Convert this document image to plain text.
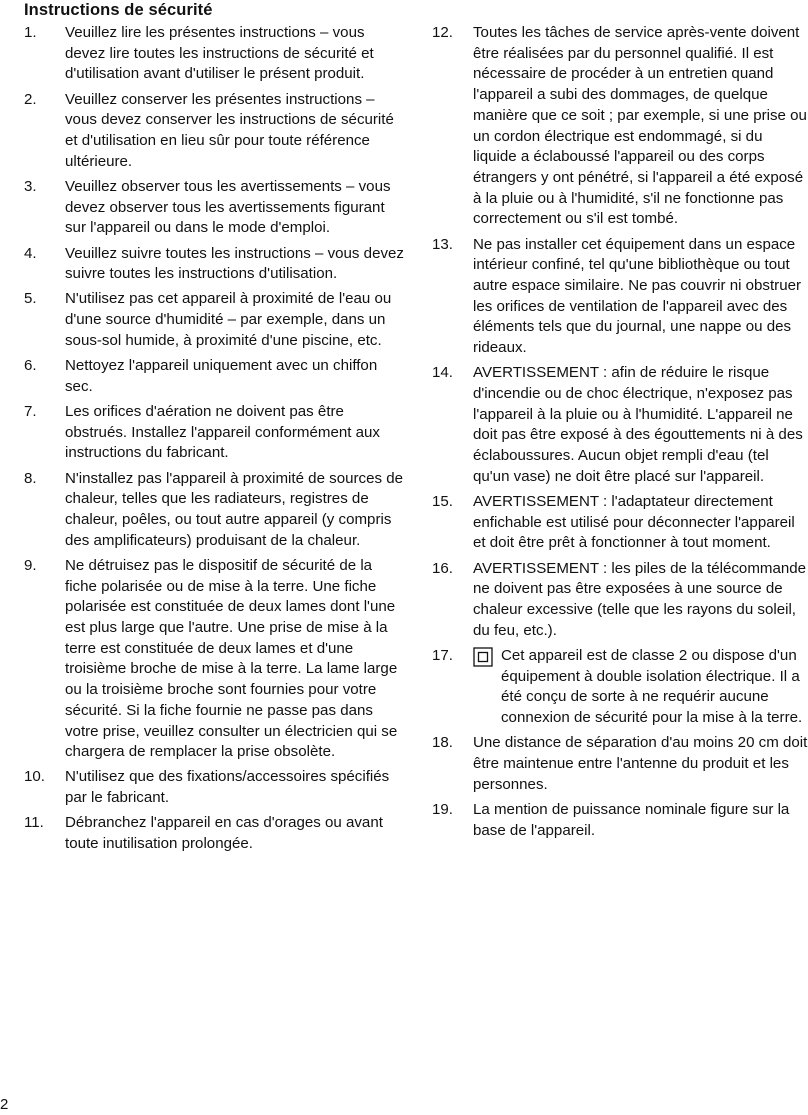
Instructions de sécurité
1.	Veuillez lire les présentes instructions – vous devez lire toutes les instructions de sécurité et d'utilisation avant d'utiliser le présent produit.
2.	Veuillez conserver les présentes instructions – vous devez conserver les instructions de sécurité et d'utilisation en lieu sûr pour toute référence ultérieure.
3.	Veuillez observer tous les avertissements – vous devez observer tous les avertissements figurant sur l'appareil ou dans le mode d'emploi.
4.	Veuillez suivre toutes les instructions – vous devez suivre toutes les instructions d'utilisation.
5.	N'utilisez pas cet appareil à proximité de l'eau ou d'une source d'humidité – par exemple, dans un sous-sol humide, à proximité d'une piscine, etc.
6.	Nettoyez l'appareil uniquement avec un chiffon sec.
7.	Les orifices d'aération ne doivent pas être obstrués. Installez l'appareil conformément aux instructions du fabricant.
8.	N'installez pas l'appareil à proximité de sources de chaleur, telles que les radiateurs, registres de chaleur, poêles, ou tout autre appareil (y compris des amplificateurs) produisant de la chaleur.
9.	Ne détruisez pas le dispositif de sécurité de la fiche polarisée ou de mise à la terre. Une fiche polarisée est constituée de deux lames dont l'une est plus large que l'autre. Une prise de mise à la terre est constituée de deux lames et d'une troisième broche de mise à la terre. La lame large ou la troisième broche sont fournies pour votre sécurité. Si la fiche fournie ne passe pas dans votre prise, veuillez consulter un électricien qui se chargera de remplacer la prise obsolète.
10.	N'utilisez que des fixations/accessoires spécifiés par le fabricant.
11.	Débranchez l'appareil en cas d'orages ou avant toute inutilisation prolongée.
12.	Toutes les tâches de service après-vente doivent être réalisées par du personnel qualifié. Il est nécessaire de procéder à un entretien quand l'appareil a subi des dommages, de quelque manière que ce soit ; par exemple, si une prise ou un cordon électrique est endommagé, si du liquide a éclaboussé l'appareil ou des corps étrangers y ont pénétré, si l'appareil a été exposé à la pluie ou à l'humidité, s'il ne fonctionne pas correctement ou s'il est tombé.
13.	Ne pas installer cet équipement dans un espace intérieur confiné, tel qu'une bibliothèque ou tout autre espace similaire. Ne pas couvrir ni obstruer les orifices de ventilation de l'appareil avec des éléments tels que du journal, une nappe ou des rideaux.
14.	AVERTISSEMENT : afin de réduire le risque d'incendie ou de choc électrique, n'exposez pas l'appareil à la pluie ou à l'humidité. L'appareil ne doit pas être exposé à des égouttements ni à des éclaboussures. Aucun objet rempli d'eau (tel qu'un vase) ne doit être placé sur l'appareil.
15.	AVERTISSEMENT : l'adaptateur directement enfichable est utilisé pour déconnecter l'appareil et doit être prêt à fonctionner à tout moment.
16.	AVERTISSEMENT : les piles de la télécommande ne doivent pas être exposées à une source de chaleur excessive (telle que les rayons du soleil, du feu, etc.).
17.	Cet appareil est de classe 2 ou dispose d'un équipement à double isolation électrique. Il a été conçu de sorte à ne requérir aucune connexion de sécurité pour la mise à la terre.
18.	Une distance de séparation d'au moins 20 cm doit être maintenue entre l'antenne du produit et les personnes.
19.	La mention de puissance nominale figure sur la base de l'appareil.
2
